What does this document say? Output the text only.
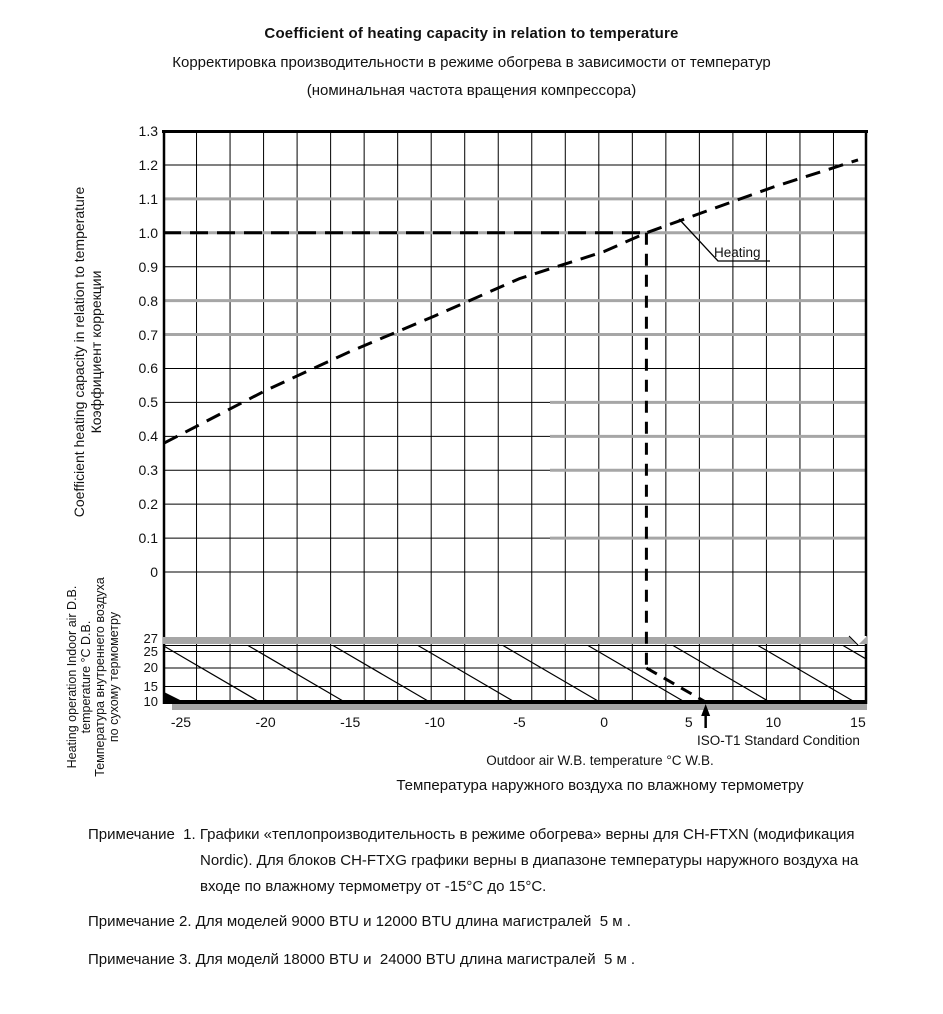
Coefficient of heating capacity in relation to temperature
Корректировка производительности в режиме обогрева в зависимости от температур
(номинальная частота вращения компрессора)
Coefficient heating capacity in relation to temperature Коэффициент коррекции
Heating operation Indoor air D.B. temperature °C D.B. Температура внутреннего воздуха по сухому термометру
1.3
1.2
1.1
1.0
0.9
0.8
0.7
0.6
0.5
0.4
0.3
0.2
0.1
0
-25	-20	-15	-10	-5	0	5	10	15
27
25
20
15
10
Heating
ISO-T1 Standard Condition
Outdoor air W.B. temperature °C W.B.
Температура наружного воздуха по влажному термометру
Примечание  1. Графики «теплопроизводительность в режиме обогрева» верны для CH-FTXN (модификация
Nordic). Для блоков CH-FTXG графики верны в диапазоне температуры наружного воздуха на
входе по влажному термометру от -15°С до 15°С.
Примечание 2. Для моделей 9000 BTU и 12000 BTU длина магистралей  5 м .
Примечание 3. Для моделй 18000 BTU и  24000 BTU длина магистралей  5 м .
